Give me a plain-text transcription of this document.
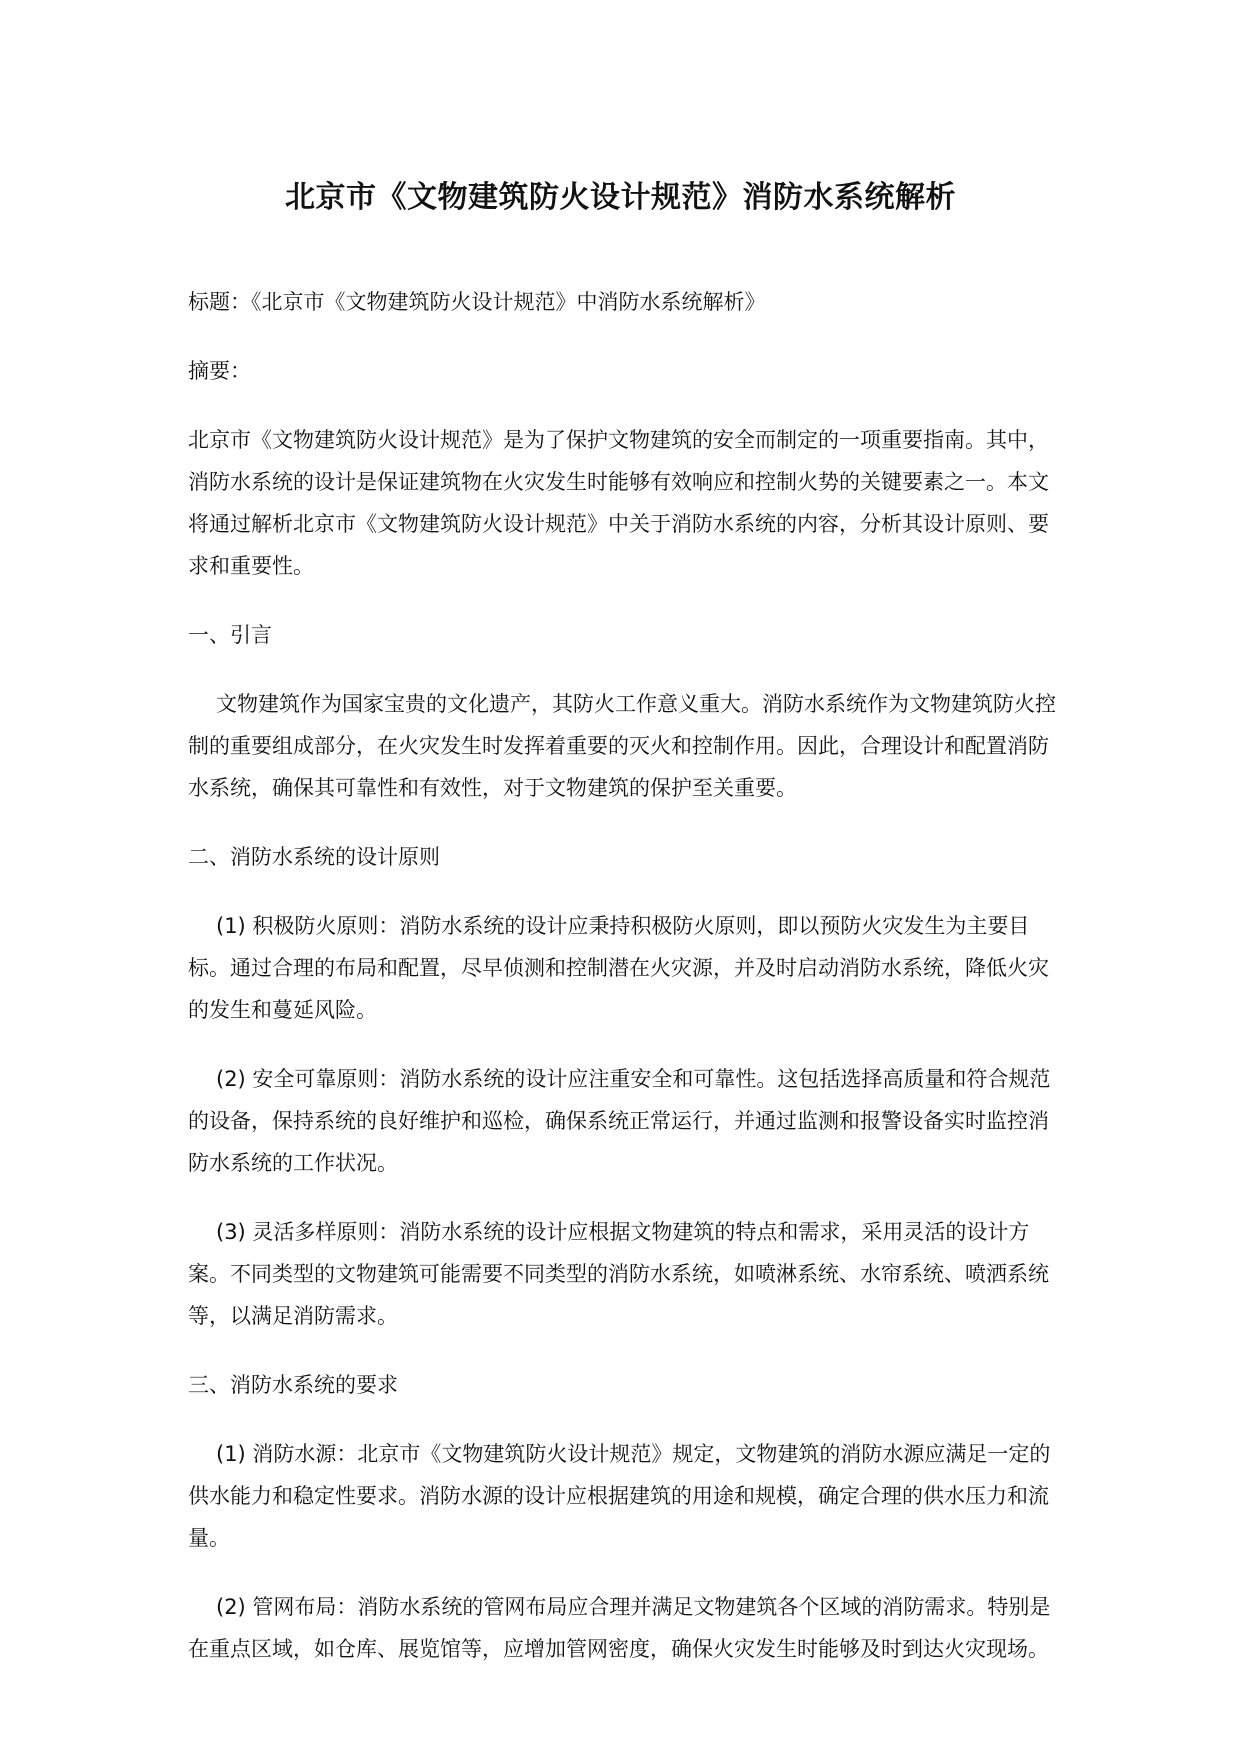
北京市《文物建筑防火设计规范》消防水系统解析

标题：《北京市《文物建筑防火设计规范》中消防水系统解析》

摘要：

北京市《文物建筑防火设计规范》是为了保护文物建筑的安全而制定的一项重要指南。其中，消防水系统的设计是保证建筑物在火灾发生时能够有效响应和控制火势的关键要素之一。本文将通过解析北京市《文物建筑防火设计规范》中关于消防水系统的内容，分析其设计原则、要求和重要性。

一、引言

文物建筑作为国家宝贵的文化遗产，其防火工作意义重大。消防水系统作为文物建筑防火控制的重要组成部分，在火灾发生时发挥着重要的灭火和控制作用。因此，合理设计和配置消防水系统，确保其可靠性和有效性，对于文物建筑的保护至关重要。

二、消防水系统的设计原则

(1) 积极防火原则：消防水系统的设计应秉持积极防火原则，即以预防火灾发生为主要目标。通过合理的布局和配置，尽早侦测和控制潜在火灾源，并及时启动消防水系统，降低火灾的发生和蔓延风险。

(2) 安全可靠原则：消防水系统的设计应注重安全和可靠性。这包括选择高质量和符合规范的设备，保持系统的良好维护和巡检，确保系统正常运行，并通过监测和报警设备实时监控消防水系统的工作状况。

(3) 灵活多样原则：消防水系统的设计应根据文物建筑的特点和需求，采用灵活的设计方案。不同类型的文物建筑可能需要不同类型的消防水系统，如喷淋系统、水帘系统、喷洒系统等，以满足消防需求。

三、消防水系统的要求

(1) 消防水源：北京市《文物建筑防火设计规范》规定，文物建筑的消防水源应满足一定的供水能力和稳定性要求。消防水源的设计应根据建筑的用途和规模，确定合理的供水压力和流量。

(2) 管网布局：消防水系统的管网布局应合理并满足文物建筑各个区域的消防需求。特别是在重点区域，如仓库、展览馆等，应增加管网密度，确保火灾发生时能够及时到达火灾现场。
